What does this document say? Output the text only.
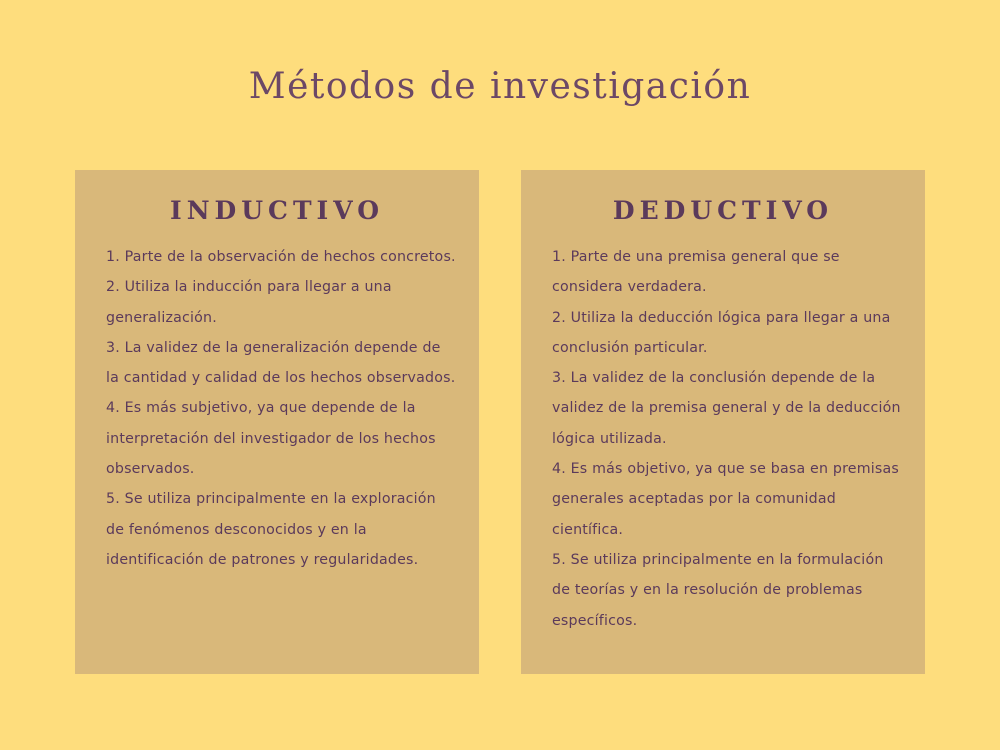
Métodos de investigación
INDUCTIVO
1. Parte de la observación de hechos concretos.
2. Utiliza la inducción para llegar a una generalización.
3. La validez de la generalización depende de la cantidad y calidad de los hechos observados.
4. Es más subjetivo, ya que depende de la interpretación del investigador de los hechos observados.
5. Se utiliza principalmente en la exploración de fenómenos desconocidos y en la identificación de patrones y regularidades.
DEDUCTIVO
1. Parte de una premisa general que se considera verdadera.
2. Utiliza la deducción lógica para llegar a una conclusión particular.
3. La validez de la conclusión depende de la validez de la premisa general y de la deducción lógica utilizada.
4. Es más objetivo, ya que se basa en premisas generales aceptadas por la comunidad científica.
5. Se utiliza principalmente en la formulación de teorías y en la resolución de problemas específicos.
